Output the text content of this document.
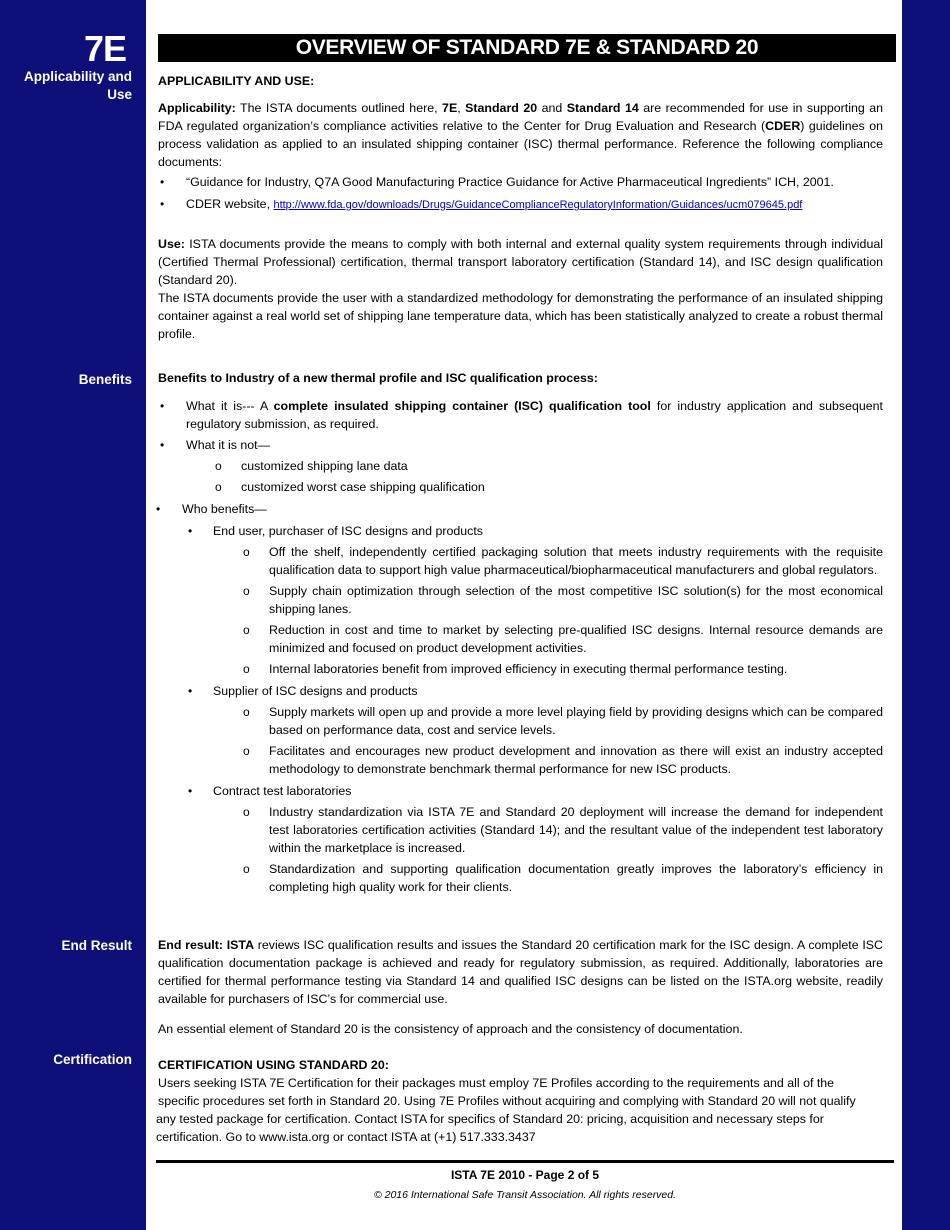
7E
Applicability and Use
Benefits
End Result
Certification
OVERVIEW OF STANDARD 7E & STANDARD 20

APPLICABILITY AND USE:

Applicability: The ISTA documents outlined here, 7E, Standard 20 and Standard 14 are recommended for use in supporting an FDA regulated organization’s compliance activities relative to the Center for Drug Evaluation and Research (CDER) guidelines on process validation as applied to an insulated shipping container (ISC) thermal performance. Reference the following compliance documents:

• “Guidance for Industry, Q7A Good Manufacturing Practice Guidance for Active Pharmaceutical Ingredients” ICH, 2001.
• CDER website, http://www.fda.gov/downloads/Drugs/GuidanceComplianceRegulatoryInformation/Guidances/ucm079645.pdf

Use: ISTA documents provide the means to comply with both internal and external quality system requirements through individual (Certified Thermal Professional) certification, thermal transport laboratory certification (Standard 14), and ISC design qualification (Standard 20).

The ISTA documents provide the user with a standardized methodology for demonstrating the performance of an insulated shipping container against a real world set of shipping lane temperature data, which has been statistically analyzed to create a robust thermal profile.

Benefits to Industry of a new thermal profile and ISC qualification process:

• What it is--- A complete insulated shipping container (ISC) qualification tool for industry application and subsequent regulatory submission, as required.
• What it is not—
o customized shipping lane data
o customized worst case shipping qualification
• Who benefits—
• End user, purchaser of ISC designs and products
o Off the shelf, independently certified packaging solution that meets industry requirements with the requisite qualification data to support high value pharmaceutical/biopharmaceutical manufacturers and global regulators.
o Supply chain optimization through selection of the most competitive ISC solution(s) for the most economical shipping lanes.
o Reduction in cost and time to market by selecting pre-qualified ISC designs. Internal resource demands are minimized and focused on product development activities.
o Internal laboratories benefit from improved efficiency in executing thermal performance testing.
• Supplier of ISC designs and products
o Supply markets will open up and provide a more level playing field by providing designs which can be compared based on performance data, cost and service levels.
o Facilitates and encourages new product development and innovation as there will exist an industry accepted methodology to demonstrate benchmark thermal performance for new ISC products.
• Contract test laboratories
o Industry standardization via ISTA 7E and Standard 20 deployment will increase the demand for independent test laboratories certification activities (Standard 14); and the resultant value of the independent test laboratory within the marketplace is increased.
o Standardization and supporting qualification documentation greatly improves the laboratory’s efficiency in completing high quality work for their clients.

End result: ISTA reviews ISC qualification results and issues the Standard 20 certification mark for the ISC design. A complete ISC qualification documentation package is achieved and ready for regulatory submission, as required. Additionally, laboratories are certified for thermal performance testing via Standard 14 and qualified ISC designs can be listed on the ISTA.org website, readily available for purchasers of ISC’s for commercial use.

An essential element of Standard 20 is the consistency of approach and the consistency of documentation.

CERTIFICATION USING STANDARD 20:

Users seeking ISTA 7E Certification for their packages must employ 7E Profiles according to the requirements and all of the

specific procedures set forth in Standard 20. Using 7E Profiles without acquiring and complying with Standard 20 will not qualify

any tested package for certification. Contact ISTA for specifics of Standard 20: pricing, acquisition and necessary steps for

certification. Go to www.ista.org or contact ISTA at (+1) 517.333.3437

ISTA 7E 2010 - Page 2 of 5
© 2016 International Safe Transit Association. All rights reserved.
